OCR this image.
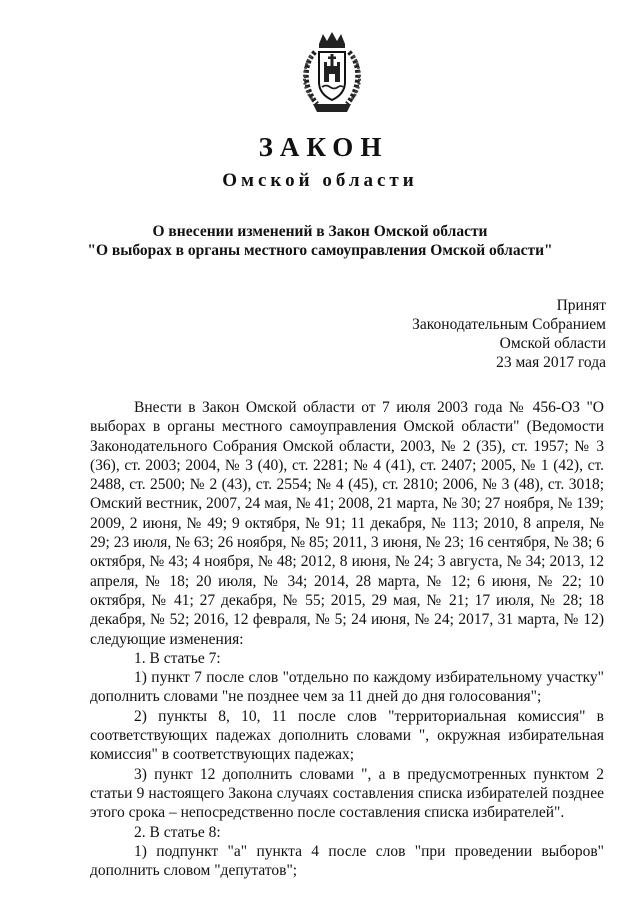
ЗАКОН
Омской области
О внесении изменений в Закон Омской области
"О выборах в органы местного самоуправления Омской области"
Принят
Законодательным Собранием
Омской области
23 мая 2017 года

Внести в Закон Омской области от 7 июля 2003 года № 456-ОЗ "О выборах в органы местного самоуправления Омской области" (Ведомости Законодательного Собрания Омской области, 2003, № 2 (35), ст. 1957; № 3 (36), ст. 2003; 2004, № 3 (40), ст. 2281; № 4 (41), ст. 2407; 2005, № 1 (42), ст. 2488, ст. 2500; № 2 (43), ст. 2554; № 4 (45), ст. 2810; 2006, № 3 (48), ст. 3018; Омский вестник, 2007, 24 мая, № 41; 2008, 21 марта, № 30; 27 ноября, № 139; 2009, 2 июня, № 49; 9 октября, № 91; 11 декабря, № 113; 2010, 8 апреля, № 29; 23 июля, № 63; 26 ноября, № 85; 2011, 3 июня, № 23; 16 сентября, № 38; 6 октября, № 43; 4 ноября, № 48; 2012, 8 июня, № 24; 3 августа, № 34; 2013, 12 апреля, № 18; 20 июля, № 34; 2014, 28 марта, № 12; 6 июня, № 22; 10 октября, № 41; 27 декабря, № 55; 2015, 29 мая, № 21; 17 июля, № 28; 18 декабря, № 52; 2016, 12 февраля, № 5; 24 июня, № 24; 2017, 31 марта, № 12) следующие изменения:

1. В статье 7:

1) пункт 7 после слов "отдельно по каждому избирательному участку" дополнить словами "не позднее чем за 11 дней до дня голосования";

2) пункты 8, 10, 11 после слов "территориальная комиссия" в соответствующих падежах дополнить словами ", окружная избирательная комиссия" в соответствующих падежах;

3) пункт 12 дополнить словами ", а в предусмотренных пунктом 2 статьи 9 настоящего Закона случаях составления списка избирателей позднее этого срока – непосредственно после составления списка избирателей".

2. В статье 8:

1) подпункт "а" пункта 4 после слов "при проведении выборов" дополнить словом "депутатов";
